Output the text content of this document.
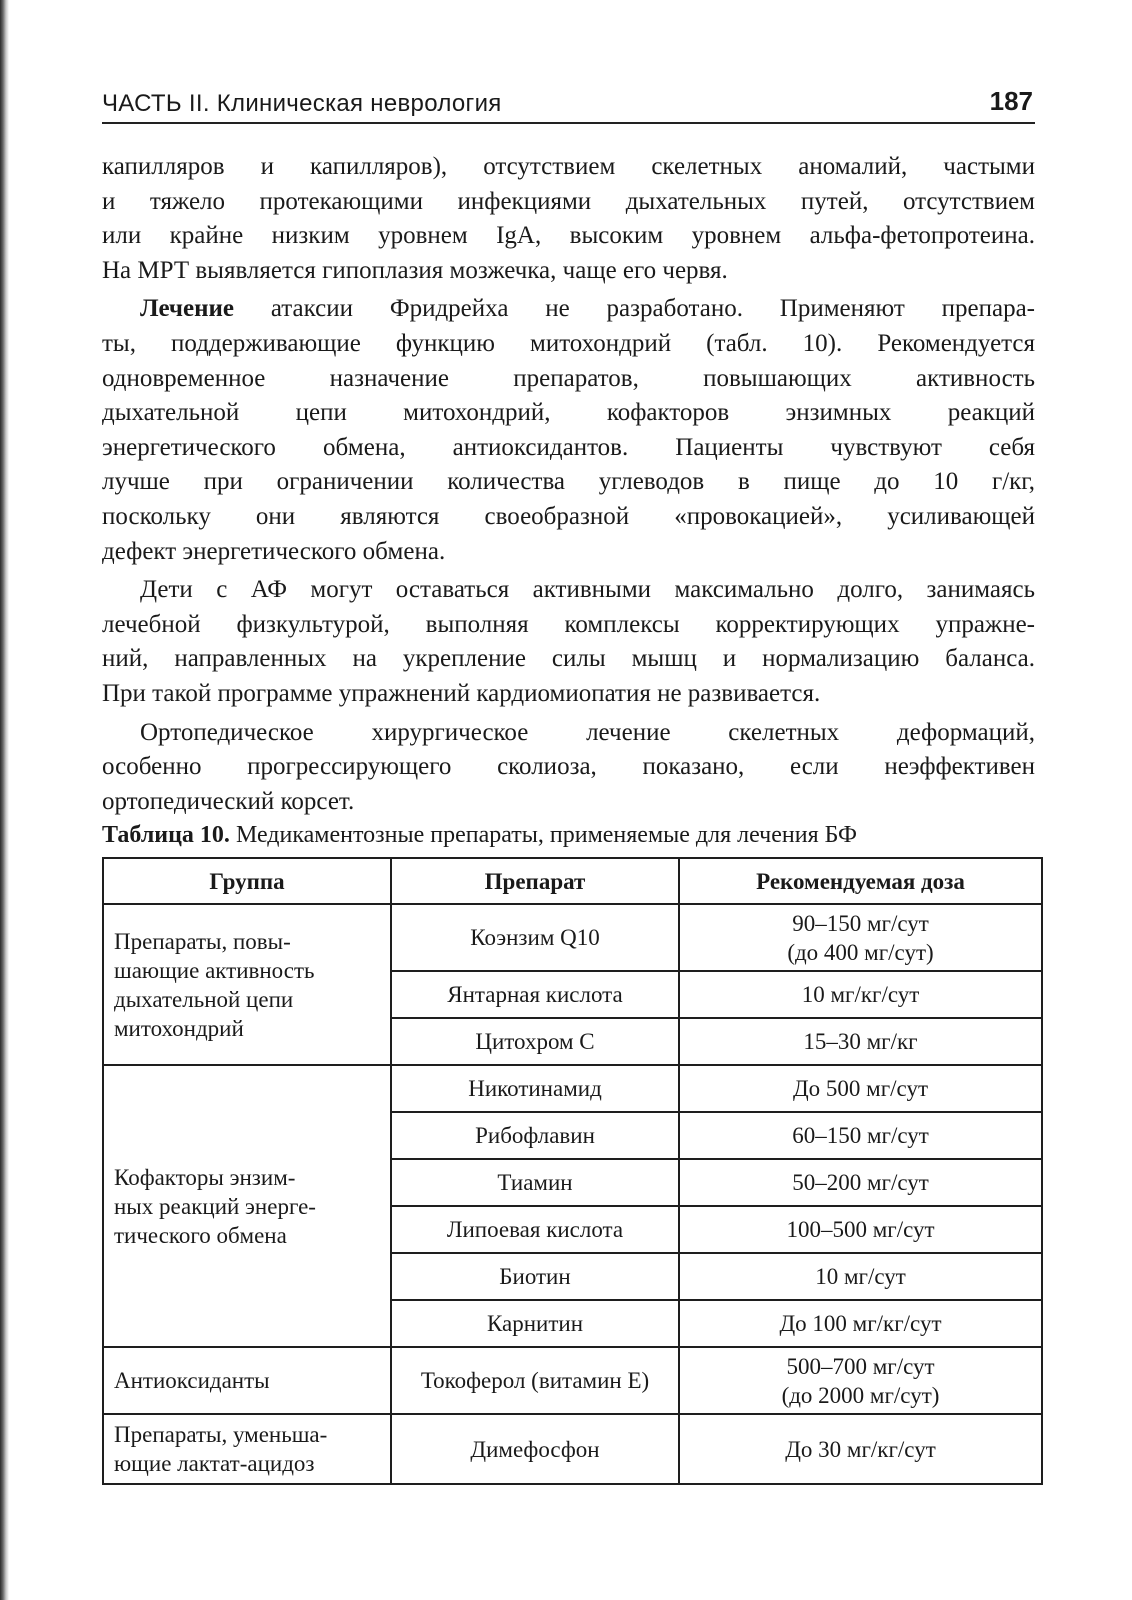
ЧАСТЬ II. Клиническая неврология	187
капилляров и капилляров), отсутствием скелетных аномалий, частыми
и тяжело протекающими инфекциями дыхательных путей, отсутствием
или крайне низким уровнем IgA, высоким уровнем альфа-фетопротеина.
На МРТ выявляется гипоплазия мозжечка, чаще его червя.
Лечение атаксии Фридрейха не разработано. Применяют препара-
ты, поддерживающие функцию митохондрий (табл. 10). Рекомендуется
одновременное назначение препаратов, повышающих активность
дыхательной цепи митохондрий, кофакторов энзимных реакций
энергетического обмена, антиоксидантов. Пациенты чувствуют себя
лучше при ограничении количества углеводов в пище до 10 г/кг,
поскольку они являются своеобразной «провокацией», усиливающей
дефект энергетического обмена.
Дети с АФ могут оставаться активными максимально долго, занимаясь
лечебной физкультурой, выполняя комплексы корректирующих упражне-
ний, направленных на укрепление силы мышц и нормализацию баланса.
При такой программе упражнений кардиомиопатия не развивается.
Ортопедическое хирургическое лечение скелетных деформаций,
особенно прогрессирующего сколиоза, показано, если неэффективен
ортопедический корсет.
Таблица 10. Медикаментозные препараты, применяемые для лечения БФ
Группа	Препарат	Рекомендуемая доза

Препараты, повы-
шающие активность
дыхательной цепи
митохондрий	Коэнзим Q10	90–150 мг/сут
(до 400 мг/сут)

	Янтарная кислота	10 мг/кг/сут

	Цитохром С	15–30 мг/кг

Кофакторы энзим-
ных реакций энерге-
тического обмена	Никотинамид	До 500 мг/сут

	Рибофлавин	60–150 мг/сут

	Тиамин	50–200 мг/сут

	Липоевая кислота	100–500 мг/сут

	Биотин	10 мг/сут

	Карнитин	До 100 мг/кг/сут

Антиоксиданты	Токоферол (витамин Е)	500–700 мг/сут
(до 2000 мг/сут)

Препараты, уменьша-
ющие лактат-ацидоз	Димефосфон	До 30 мг/кг/сут
